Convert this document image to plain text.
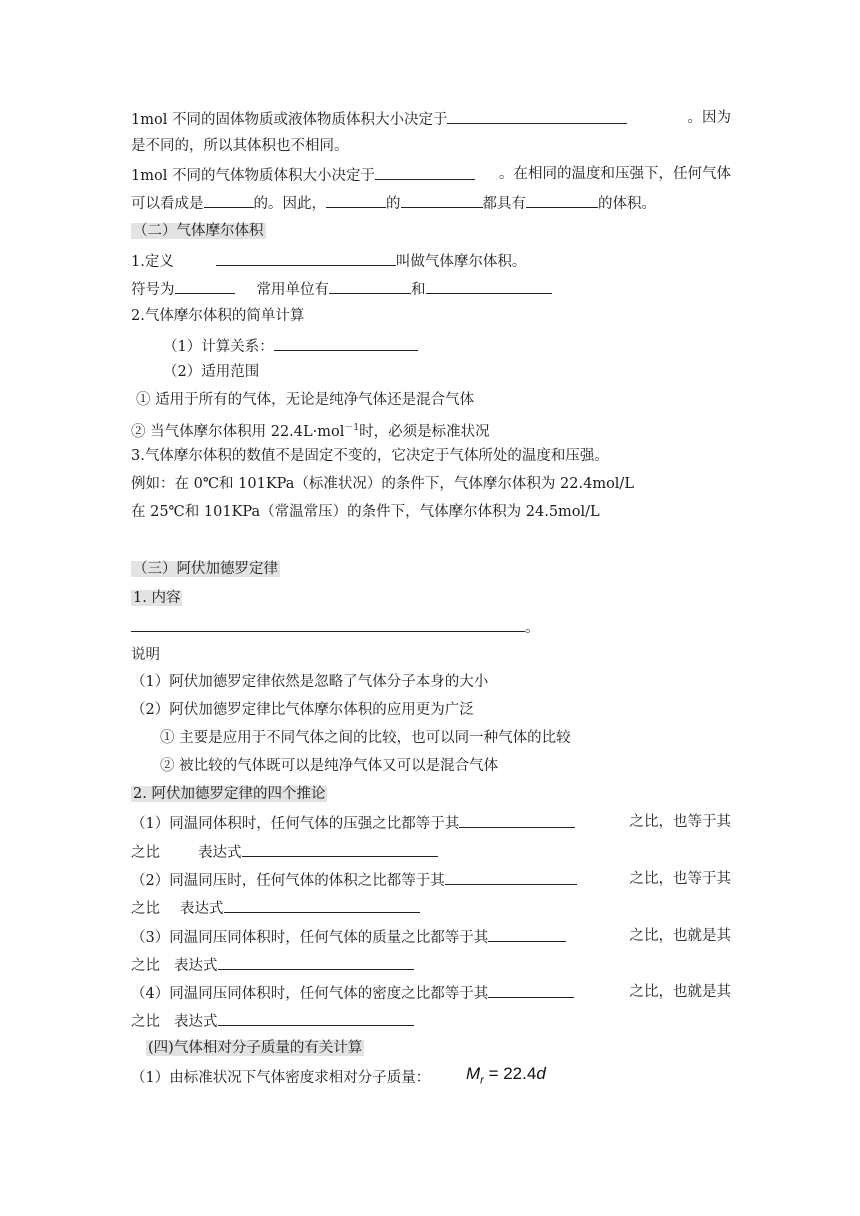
1mol 不同的固体物质或液体物质体积大小决定于	。因为
是不同的，所以其体积也不相同。
1mol 不同的气体物质体积大小决定于	。在相同的温度和压强下，任何气体
可以看成是	的。因此，	的	都具有	的体积。
（二）气体摩尔体积
1.定义	叫做气体摩尔体积。
符号为	常用单位有	和
2.气体摩尔体积的简单计算
（1）计算关系：
（2）适用范围
① 适用于所有的气体，无论是纯净气体还是混合气体
② 当气体摩尔体积用 22.4L·mol$^{-1}$时，必须是标准状况
3.气体摩尔体积的数值不是固定不变的，它决定于气体所处的温度和压强。
例如：在 0℃和 101KPa（标准状况）的条件下，气体摩尔体积为 22.4mol/L
在 25℃和 101KPa（常温常压）的条件下，气体摩尔体积为 24.5mol/L
（三）阿伏加德罗定律
1. 内容
。
说明
（1）阿伏加德罗定律依然是忽略了气体分子本身的大小
（2）阿伏加德罗定律比气体摩尔体积的应用更为广泛
① 主要是应用于不同气体之间的比较，也可以同一种气体的比较
② 被比较的气体既可以是纯净气体又可以是混合气体
2. 阿伏加德罗定律的四个推论
（1）同温同体积时，任何气体的压强之比都等于其	之比，也等于其
之比	表达式
（2）同温同压时，任何气体的体积之比都等于其	之比，也等于其
之比 表达式
（3）同温同压同体积时，任何气体的质量之比都等于其	之比，也就是其
之比 表达式
（4）同温同压同体积时，任何气体的密度之比都等于其	之比，也就是其
之比 表达式
(四)气体相对分子质量的有关计算
（1）由标准状况下气体密度求相对分子质量：	$M_r = 22.4d$
